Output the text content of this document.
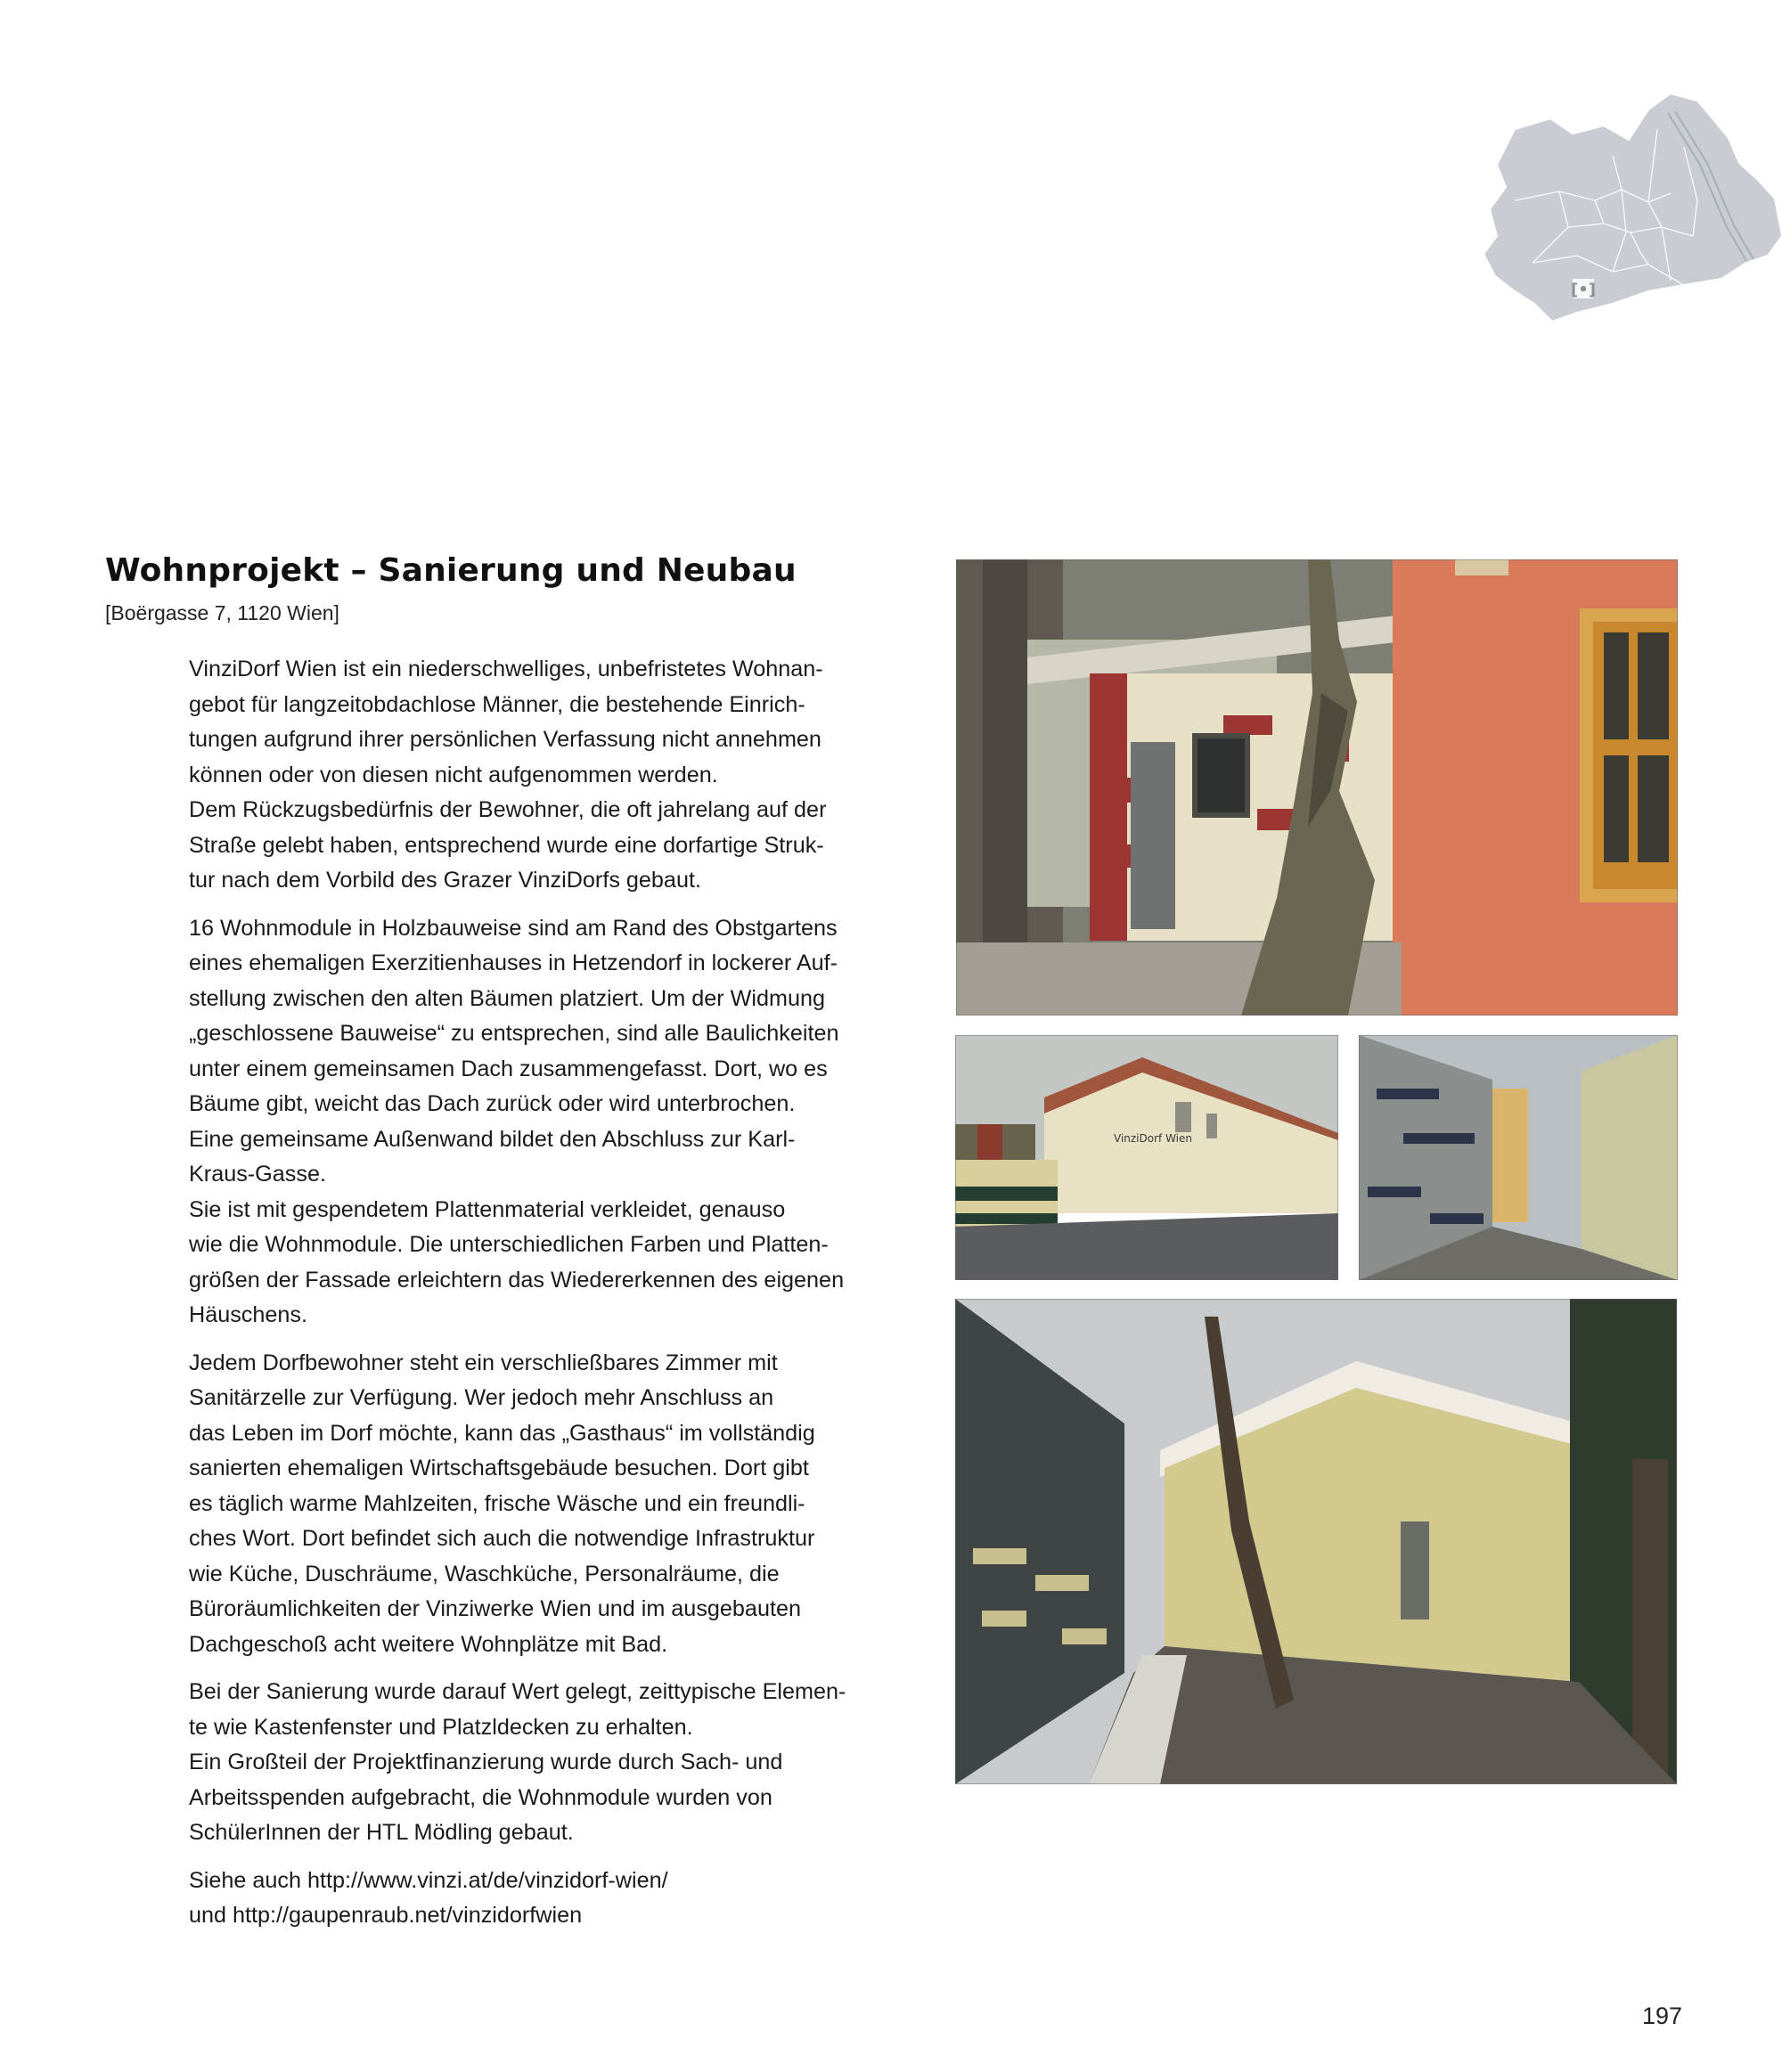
[•]
Wohnprojekt – Sanierung und Neubau
[Boërgasse 7, 1120 Wien]

VinziDorf Wien ist ein niederschwelliges, unbefristetes Wohnan-
gebot für langzeitobdachlose Männer, die bestehende Einrich-
tungen aufgrund ihrer persönlichen Verfassung nicht annehmen
können oder von diesen nicht aufgenommen werden.
Dem Rückzugsbedürfnis der Bewohner, die oft jahrelang auf der
Straße gelebt haben, entsprechend wurde eine dorfartige Struk-
tur nach dem Vorbild des Grazer VinziDorfs gebaut.

16 Wohnmodule in Holzbauweise sind am Rand des Obstgartens
eines ehemaligen Exerzitienhauses in Hetzendorf in lockerer Auf-
stellung zwischen den alten Bäumen platziert. Um der Widmung
„geschlossene Bauweise“ zu entsprechen, sind alle Baulichkeiten
unter einem gemeinsamen Dach zusammengefasst. Dort, wo es
Bäume gibt, weicht das Dach zurück oder wird unterbrochen.
Eine gemeinsame Außenwand bildet den Abschluss zur Karl-
Kraus-Gasse.
Sie ist mit gespendetem Plattenmaterial verkleidet, genauso
wie die Wohnmodule. Die unterschiedlichen Farben und Platten-
größen der Fassade erleichtern das Wiedererkennen des eigenen
Häuschens.

Jedem Dorfbewohner steht ein verschließbares Zimmer mit
Sanitärzelle zur Verfügung. Wer jedoch mehr Anschluss an
das Leben im Dorf möchte, kann das „Gasthaus“ im vollständig
sanierten ehemaligen Wirtschaftsgebäude besuchen. Dort gibt
es täglich warme Mahlzeiten, frische Wäsche und ein freundli-
ches Wort. Dort befindet sich auch die notwendige Infrastruktur
wie Küche, Duschräume, Waschküche, Personalräume, die
Büroräumlichkeiten der Vinziwerke Wien und im ausgebauten
Dachgeschoß acht weitere Wohnplätze mit Bad.

Bei der Sanierung wurde darauf Wert gelegt, zeittypische Elemen-
te wie Kastenfenster und Platzldecken zu erhalten.
Ein Großteil der Projektfinanzierung wurde durch Sach- und
Arbeitsspenden aufgebracht, die Wohnmodule wurden von
SchülerInnen der HTL Mödling gebaut.

Siehe auch http://www.vinzi.at/de/vinzidorf-wien/
und http://gaupenraub.net/vinzidorfwien

VinziDorf Wien
197
